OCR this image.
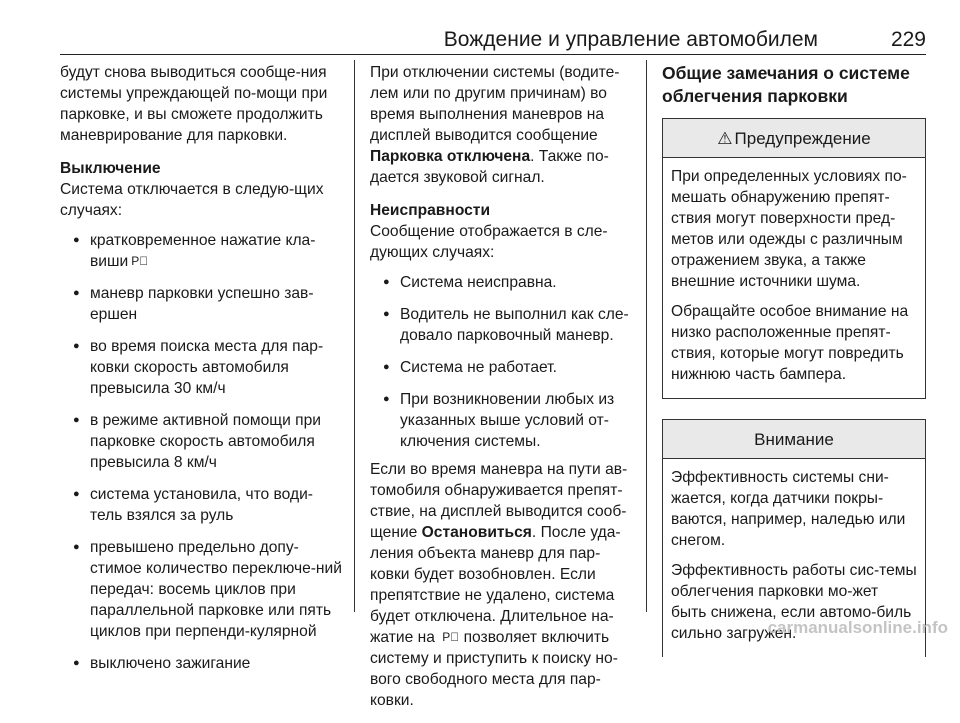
Вождение и управление автомобилем	229

будут снова выводиться сообще-ния системы упреждающей по-мощи при парковке, и вы сможете продолжить маневрирование для парковки.

Выключение

Система отключается в следую-щих случаях:

● кратковременное нажатие кла-виши P⃤
● маневр парковки успешно зав-ершен
● во время поиска места для пар-ковки скорость автомобиля превысила 30 км/ч
● в режиме активной помощи при парковке скорость автомобиля превысила 8 км/ч
● система установила, что води-тель взялся за руль
● превышено предельно допу-стимое количество переключе-ний передач: восемь циклов при параллельной парковке или пять циклов при перпенди-кулярной
● выключено зажигание

При отключении системы (водите-лем или по другим причинам) во время выполнения маневров на дисплей выводится сообщение Парковка отключена. Также по-дается звуковой сигнал.

Неисправности

Сообщение отображается в сле-дующих случаях:

● Система неисправна.
● Водитель не выполнил как сле-довало парковочный маневр.
● Система не работает.
● При возникновении любых из указанных выше условий от-ключения системы.

Если во время маневра на пути ав-томобиля обнаруживается препят-ствие, на дисплей выводится сооб-щение Остановиться. После уда-ления объекта маневр для пар-ковки будет возобновлен. Если препятствие не удалено, система будет отключена. Длительное на-жатие на P⃤ позволяет включить систему и приступить к поиску но-вого свободного места для пар-ковки.

Общие замечания о системе облегчения парковки

⚠ Предупреждение

При определенных условиях по-мешать обнаружению препят-ствия могут поверхности пред-метов или одежды с различным отражением звука, а также внешние источники шума.

Обращайте особое внимание на низко расположенные препят-ствия, которые могут повредить нижнюю часть бампера.

Внимание

Эффективность системы сни-жается, когда датчики покры-ваются, например, наледью или снегом.

Эффективность работы сис-темы облегчения парковки мо-жет быть снижена, если автомо-биль сильно загружен.

carmanualsonline.info
